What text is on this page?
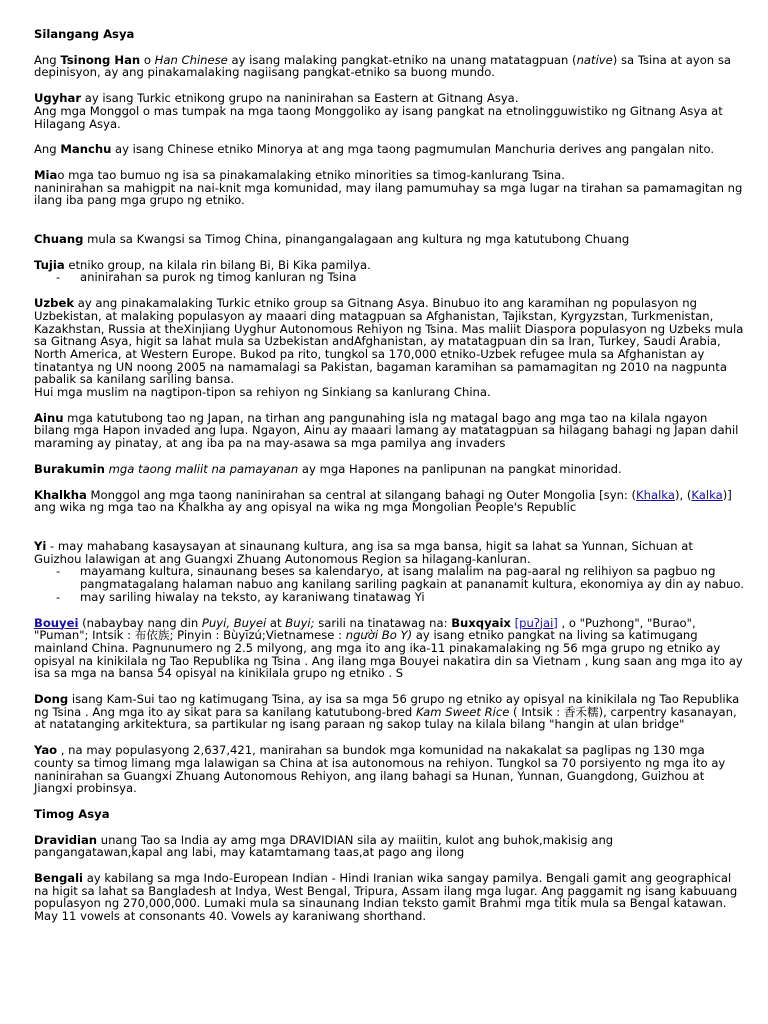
Silangang Asya

Ang Tsinong Han o Han Chinese ay isang malaking pangkat-etniko na unang matatagpuan (native) sa Tsina at ayon sa depinisyon, ay ang pinakamalaking nagiisang pangkat-etniko sa buong mundo.

Ugyhar ay isang Turkic etnikong grupo na naninirahan sa Eastern at Gitnang Asya.

Ang mga Monggol o mas tumpak na mga taong Monggoliko ay isang pangkat na etnolingguwistiko ng Gitnang Asya at Hilagang Asya.

Ang Manchu ay isang Chinese etniko Minorya at ang mga taong pagmumulan Manchuria derives ang pangalan nito.

Miao mga tao bumuo ng isa sa pinakamalaking etniko minorities sa timog-kanlurang Tsina.

naninirahan sa mahigpit na nai-knit mga komunidad, may ilang pamumuhay sa mga lugar na tirahan sa pamamagitan ng ilang iba pang mga grupo ng etniko.

Chuang mula sa Kwangsi sa Timog China, pinangangalagaan ang kultura ng mga katutubong Chuang

Tujia etniko group, na kilala rin bilang Bi, Bi Kika pamilya.

- aninirahan sa purok ng timog kanluran ng Tsina

Uzbek ay ang pinakamalaking Turkic etniko group sa Gitnang Asya. Binubuo ito ang karamihan ng populasyon ng Uzbekistan, at malaking populasyon ay maaari ding matagpuan sa Afghanistan, Tajikstan, Kyrgyzstan, Turkmenistan, Kazakhstan, Russia at theXinjiang Uyghur Autonomous Rehiyon ng Tsina. Mas maliit Diaspora populasyon ng Uzbeks mula sa Gitnang Asya, higit sa lahat mula sa Uzbekistan andAfghanistan, ay matatagpuan din sa Iran, Turkey, Saudi Arabia, North America, at Western Europe. Bukod pa rito, tungkol sa 170,000 etniko-Uzbek refugee mula sa Afghanistan ay tinatantya ng UN noong 2005 na namamalagi sa Pakistan, bagaman karamihan sa pamamagitan ng 2010 na nagpunta pabalik sa kanilang sariling bansa.

Hui mga muslim na nagtipon-tipon sa rehiyon ng Sinkiang sa kanlurang China.

Ainu mga katutubong tao ng Japan, na tirhan ang pangunahing isla ng matagal bago ang mga tao na kilala ngayon bilang mga Hapon invaded ang lupa. Ngayon, Ainu ay maaari lamang ay matatagpuan sa hilagang bahagi ng Japan dahil maraming ay pinatay, at ang iba pa na may-asawa sa mga pamilya ang invaders

Burakumin mga taong maliit na pamayanan ay mga Hapones na panlipunan na pangkat minoridad.

Khalkha Monggol ang mga taong naninirahan sa central at silangang bahagi ng Outer Mongolia [syn: (Khalka), (Kalka)] ang wika ng mga tao na Khalkha ay ang opisyal na wika ng mga Mongolian People's Republic

Yi - may mahabang kasaysayan at sinaunang kultura, ang isa sa mga bansa, higit sa lahat sa Yunnan, Sichuan at Guizhou lalawigan at ang Guangxi Zhuang Autonomous Region sa hilagang-kanluran.

- mayamang kultura, sinaunang beses sa kalendaryo, at isang malalim na pag-aaral ng relihiyon sa pagbuo ng pangmatagalang halaman nabuo ang kanilang sariling pagkain at pananamit kultura, ekonomiya ay din ay nabuo.
- may sariling hiwalay na teksto, ay karaniwang tinatawag Yi

Bouyei (nabaybay nang din Puyi, Buyei at Buyi; sarili na tinatawag na: Buxqyaix [puʔjai] , o "Puzhong", "Burao", "Puman"; Intsik : 布依族; Pinyin : Bùyīzú;Vietnamese : người Bo Y) ay isang etniko pangkat na living sa katimugang mainland China. Pagnunumero ng 2.5 milyong, ang mga ito ang ika-11 pinakamalaking ng 56 mga grupo ng etniko ay opisyal na kinikilala ng Tao Republika ng Tsina . Ang ilang mga Bouyei nakatira din sa Vietnam , kung saan ang mga ito ay isa sa mga na bansa 54 opisyal na kinikilala grupo ng etniko . S

Dong isang Kam-Sui tao ng katimugang Tsina, ay isa sa mga 56 grupo ng etniko ay opisyal na kinikilala ng Tao Republika ng Tsina . Ang mga ito ay sikat para sa kanilang katutubong-bred Kam Sweet Rice ( Intsik : 香禾糯), carpentry kasanayan, at natatanging arkitektura, sa partikular ng isang paraan ng sakop tulay na kilala bilang "hangin at ulan bridge"

Yao , na may populasyong 2,637,421, manirahan sa bundok mga komunidad na nakakalat sa paglipas ng 130 mga county sa timog limang mga lalawigan sa China at isa autonomous na rehiyon. Tungkol sa 70 porsiyento ng mga ito ay naninirahan sa Guangxi Zhuang Autonomous Rehiyon, ang ilang bahagi sa Hunan, Yunnan, Guangdong, Guizhou at Jiangxi probinsya.

Timog Asya

Dravidian unang Tao sa India ay amg mga DRAVIDIAN sila ay maiitin, kulot ang buhok,makisig ang pangangatawan,kapal ang labi, may katamtamang taas,at pago ang ilong

Bengali ay kabilang sa mga Indo-European Indian - Hindi Iranian wika sangay pamilya. Bengali gamit ang geographical na higit sa lahat sa Bangladesh at Indya, West Bengal, Tripura, Assam ilang mga lugar. Ang paggamit ng isang kabuuang populasyon ng 270,000,000. Lumaki mula sa sinaunang Indian teksto gamit Brahmi mga titik mula sa Bengal katawan. May 11 vowels at consonants 40. Vowels ay karaniwang shorthand.
